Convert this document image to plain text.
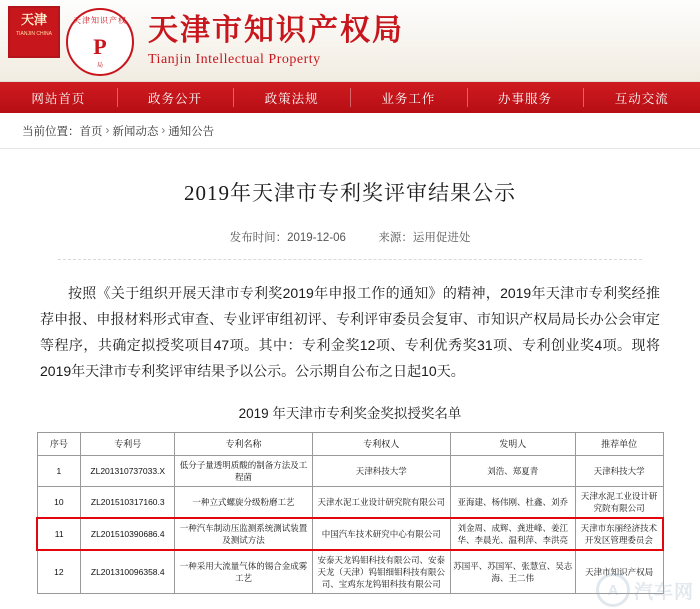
天津
TIANJIN CHINA
天津知识产权
P
局
天津市知识产权局
Tianjin Intellectual Property
网站首页	政务公开	政策法规	业务工作	办事服务	互动交流
当前位置： 首页 › 新闻动态 › 通知公告
2019年天津市专利奖评审结果公示
发布时间：2019-12-06	来源：运用促进处
按照《关于组织开展天津市专利奖2019年申报工作的通知》的精神，2019年天津市专利奖经推荐申报、申报材料形式审查、专业评审组初评、专利评审委员会复审、市知识产权局局长办公会审定等程序，共确定拟授奖项目47项。其中：专利金奖12项、专利优秀奖31项、专利创业奖4项。现将2019年天津市专利奖评审结果予以公示。公示期自公布之日起10天。
2019 年天津市专利奖金奖拟授奖名单
序号	专利号	专利名称	专利权人	发明人	推荐单位
1	ZL201310737033.X	低分子量透明质酸的制备方法及工程菌	天津科技大学	刘浩、郑夏青	天津科技大学
10	ZL201510317160.3	一种立式螺旋分级粉磨工艺	天津水泥工业设计研究院有限公司	亚海建、杨伟刚、杜鑫、刘乔	天津水泥工业设计研究院有限公司
11	ZL201510390686.4	一种汽车制动压监测系统测试装置及测试方法	中国汽车技术研究中心有限公司	刘金周、成辉、龚进峰、姜江华、李晨光、温利萍、李洪亮	天津市东丽经济技术开发区管理委员会
12	ZL201310096358.4	一种采用大流量气体的锡合金成雾工艺	安泰天龙钨钼科技有限公司、安泰天龙（天津）钨钼细钼科技有限公司、宝鸡东龙钨钼科技有限公司	苏国平、苏国军、张慧宣、吴志海、王二伟	天津市知识产权局
A 汽车网
